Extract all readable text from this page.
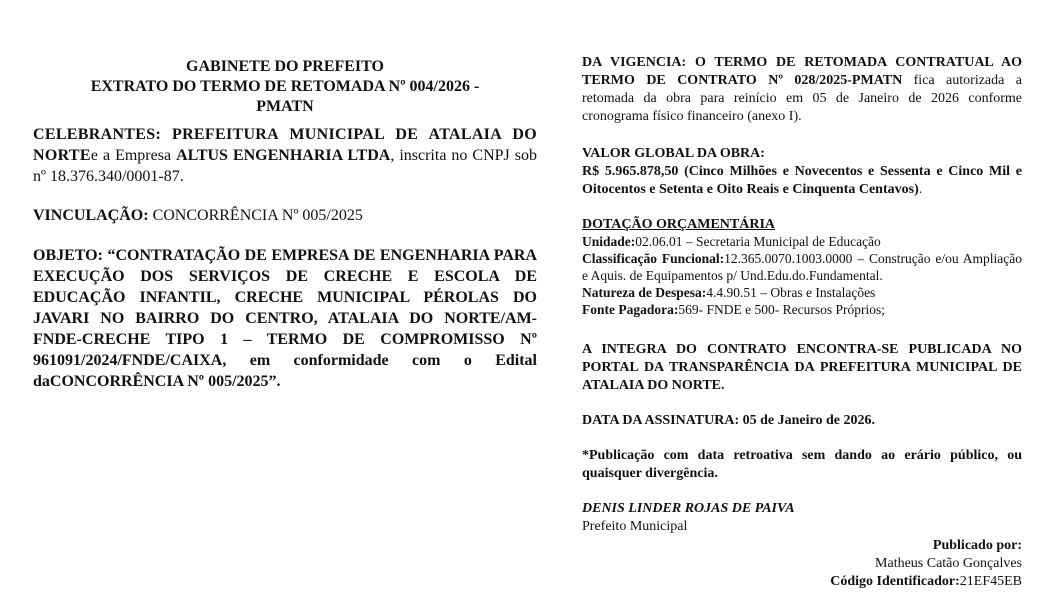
GABINETE DO PREFEITO
EXTRATO DO TERMO DE RETOMADA Nº 004/2026 -
PMATN

CELEBRANTES: PREFEITURA MUNICIPAL DE ATALAIA DO NORTEe a Empresa ALTUS ENGENHARIA LTDA, inscrita no CNPJ sob nº 18.376.340/0001-87.

VINCULAÇÃO: CONCORRÊNCIA Nº 005/2025

OBJETO: “CONTRATAÇÃO DE EMPRESA DE ENGENHARIA PARA EXECUÇÃO DOS SERVIÇOS DE CRECHE E ESCOLA DE EDUCAÇÃO INFANTIL, CRECHE MUNICIPAL PÉROLAS DO JAVARI NO BAIRRO DO CENTRO, ATALAIA DO NORTE/AM-FNDE-CRECHE TIPO 1 – TERMO DE COMPROMISSO Nº 961091/2024/FNDE/CAIXA, em conformidade com o Edital daCONCORRÊNCIA Nº 005/2025”.

DA VIGENCIA: O TERMO DE RETOMADA CONTRATUAL AO TERMO DE CONTRATO Nº 028/2025-PMATN fica autorizada a retomada da obra para reinício em 05 de Janeiro de 2026 conforme cronograma físico financeiro (anexo I).

VALOR GLOBAL DA OBRA:
R$ 5.965.878,50 (Cinco Milhões e Novecentos e Sessenta e Cinco Mil e Oitocentos e Setenta e Oito Reais e Cinquenta Centavos).

DOTAÇÃO ORÇAMENTÁRIA
Unidade:02.06.01 – Secretaria Municipal de Educação
Classificação Funcional:12.365.0070.1003.0000 – Construção e/ou Ampliação e Aquis. de Equipamentos p/ Und.Edu.do.Fundamental.
Natureza de Despesa:4.4.90.51 – Obras e Instalações
Fonte Pagadora:569- FNDE e 500- Recursos Próprios;

A INTEGRA DO CONTRATO ENCONTRA-SE PUBLICADA NO PORTAL DA TRANSPARÊNCIA DA PREFEITURA MUNICIPAL DE ATALAIA DO NORTE.

DATA DA ASSINATURA: 05 de Janeiro de 2026.

*Publicação com data retroativa sem dando ao erário público, ou quaisquer divergência.

DENIS LINDER ROJAS DE PAIVA
Prefeito Municipal
Publicado por:
Matheus Catão Gonçalves
Código Identificador:21EF45EB
